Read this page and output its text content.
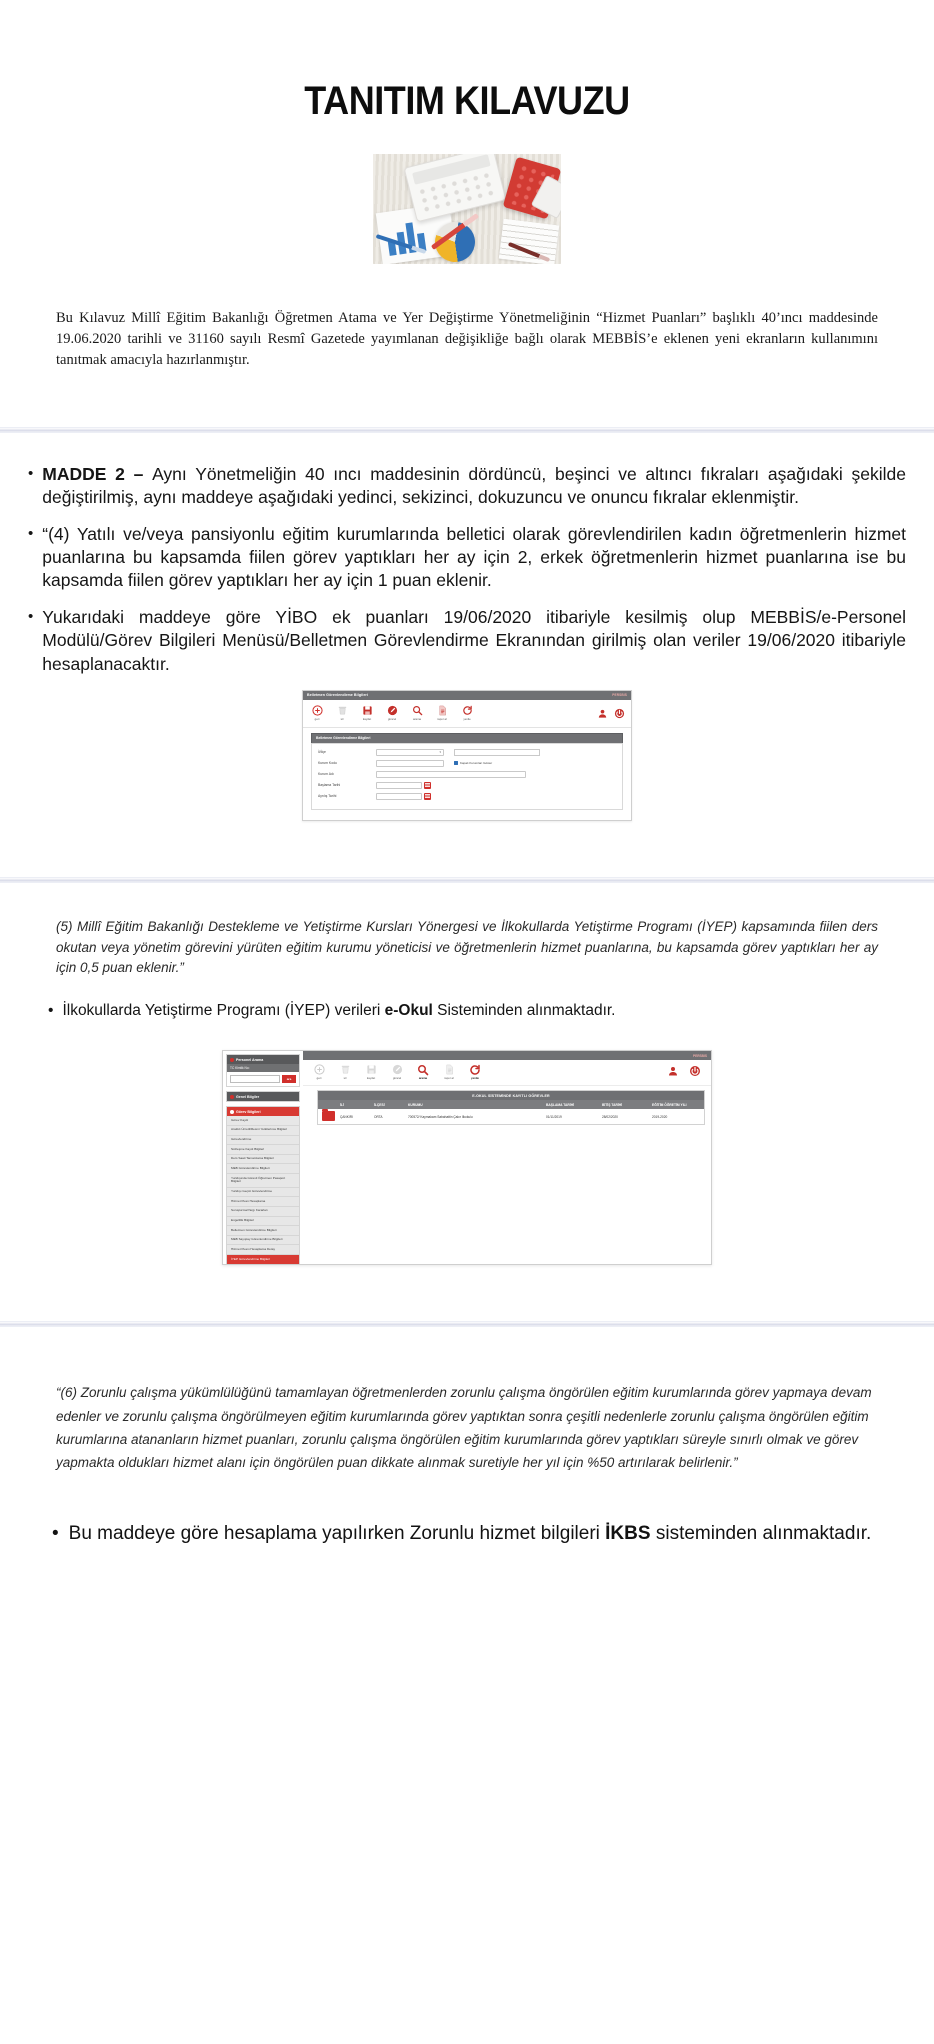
TANITIM KILAVUZU

Bu Kılavuz Millî Eğitim Bakanlığı Öğretmen Atama ve Yer Değiştirme Yönetmeliğinin “Hizmet Puanları” başlıklı 40’ıncı maddesinde 19.06.2020 tarihli ve 31160 sayılı Resmî Gazetede yayımlanan değişikliğe bağlı olarak MEBBİS’e eklenen yeni ekranların kullanımını tanıtmak amacıyla hazırlanmıştır.

• MADDE 2 – Aynı Yönetmeliğin 40 ıncı maddesinin dördüncü, beşinci ve altıncı fıkraları aşağıdaki şekilde değiştirilmiş, aynı maddeye aşağıdaki yedinci, sekizinci, dokuzuncu ve onuncu fıkralar eklenmiştir.
• “(4) Yatılı ve/veya pansiyonlu eğitim kurumlarında belletici olarak görevlendirilen kadın öğretmenlerin hizmet puanlarına bu kapsamda fiilen görev yaptıkları her ay için 2, erkek öğretmenlerin hizmet puanlarına ise bu kapsamda fiilen görev yaptıkları her ay için 1 puan eklenir.
• Yukarıdaki maddeye göre YİBO ek puanları 19/06/2020 itibariyle kesilmiş olup MEBBİS/e-Personel Modülü/Görev Bilgileri Menüsü/Belletmen Görevlendirme Ekranından girilmiş olan veriler 19/06/2020 itibariyle hesaplanacaktır.
Belletmen Görevlendirme Bilgileri	PERSBIS
geri	sil	kaydet	güncel	arama	rapor al	yenile
Belletmen Görevlendirme Bilgileri
İl/İlçe	▾
Kurum Kodu	Kapalı Kurumları Göster
Kurum Adı
Başlama Tarihi
Ayrılış Tarihi

(5) Millî Eğitim Bakanlığı Destekleme ve Yetiştirme Kursları Yönergesi ve İlkokullarda Yetiştirme Programı (İYEP) kapsamında fiilen ders okutan veya yönetim görevini yürüten eğitim kurumu yöneticisi ve öğretmenlerin hizmet puanlarına, bu kapsamda görev yaptıkları her ay için 0,5 puan eklenir.”

• İlkokullarda Yetiştirme Programı (İYEP) verileri e-Okul Sisteminden alınmaktadır.
Personel Arama
TC Kimlik No:
ara
Genel Bilgiler
Görev Bilgileri
Görev Kaydı
Aralıklı Ücretli/Resmi Yetkilerince Bilgileri
Görevlendirme
Sözleşme Kaydı Bilgileri
Ders Saati Tamamlama Bilgileri
MEB Görevlendirme Bilgileri
Yurtdışında Görevli Öğretmen Pasaport Bilgileri
Yurtdışı Geçici Görevlendirme
Hizmet Puan Hesaplama
Soruşturma/Yargı Kararları
Engellilik Bilgileri
Belletmen Görevlendirme Bilgileri
MEB Sayıştay Görevlendirme Bilgileri
Hizmet Puanı Hesaplama Detay
İYEP Görevlendirme Bilgileri
PERSBIS
geri	sil	kaydet	güncel	arama	rapor al	yenile
E-OKUL SİSTEMİNDE KAYITLI GÖREVLER
İLİ	İLÇESİ	KURUMU	BAŞLAMA TARİHİ	BİTİŞ TARİHİ	EĞİTİM ÖĞRETİM YILI
ÇANKIRI	ORTA	700572/ Kaymakam Sabahattin Çakır Ilkokulu	01/11/2019	28/02/2020	2019-2020

“(6) Zorunlu çalışma yükümlülüğünü tamamlayan öğretmenlerden zorunlu çalışma öngörülen eğitim kurumlarında görev yapmaya devam edenler ve zorunlu çalışma öngörülmeyen eğitim kurumlarında görev yaptıktan sonra çeşitli nedenlerle zorunlu çalışma öngörülen eğitim kurumlarına atananların hizmet puanları, zorunlu çalışma öngörülen eğitim kurumlarında görev yaptıkları süreyle sınırlı olmak ve görev yapmakta oldukları hizmet alanı için öngörülen puan dikkate alınmak suretiyle her yıl için %50 artırılarak belirlenir.”

• Bu maddeye göre hesaplama yapılırken Zorunlu hizmet bilgileri İKBS sisteminden alınmaktadır.
